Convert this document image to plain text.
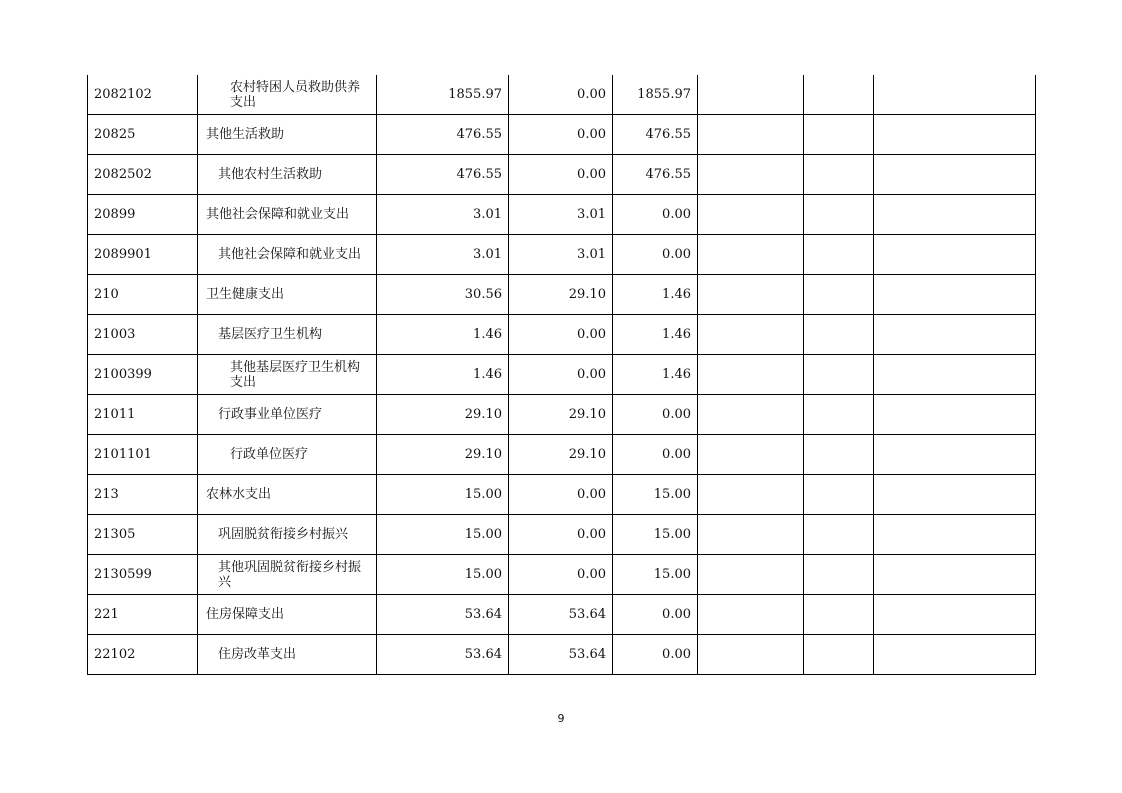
2082102	农村特困人员救助供养支出	1855.97	0.00	1855.97			
20825	其他生活救助	476.55	0.00	476.55			
2082502	其他农村生活救助	476.55	0.00	476.55			
20899	其他社会保障和就业支出	3.01	3.01	0.00			
2089901	其他社会保障和就业支出	3.01	3.01	0.00			
210	卫生健康支出	30.56	29.10	1.46			
21003	基层医疗卫生机构	1.46	0.00	1.46			
2100399	其他基层医疗卫生机构支出	1.46	0.00	1.46			
21011	行政事业单位医疗	29.10	29.10	0.00			
2101101	行政单位医疗	29.10	29.10	0.00			
213	农林水支出	15.00	0.00	15.00			
21305	巩固脱贫衔接乡村振兴	15.00	0.00	15.00			
2130599	其他巩固脱贫衔接乡村振兴	15.00	0.00	15.00			
221	住房保障支出	53.64	53.64	0.00			
22102	住房改革支出	53.64	53.64	0.00			
9
